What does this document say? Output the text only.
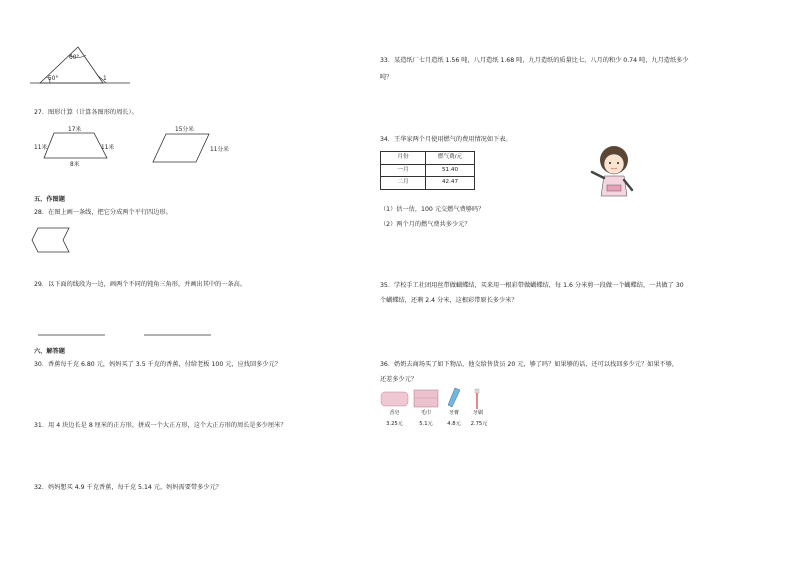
60°
50°	1
27．图形计算（计算各图形的周长）。
17米
11米	11米
8米
15分米
11分米
五、作图题
28．在图上画一条线，把它分成两个平行四边形。
29．以下面的线段为一边，画两个不同的钝角三角形，并画出其中的一条高。
六、解答题
30．香蕉每千克 6.80 元，妈妈买了 3.5 千克的香蕉，付给老板 100 元，应找回多少元？
31．用 4 块边长是 8 厘米的正方形，拼成一个大正方形，这个大正方形的周长是多少厘米？
32．妈妈想买 4.9 千克香蕉，每千克 5.14 元，妈妈需要带多少元？
33．某造纸厂七月造纸 1.56 吨，八月造纸 1.68 吨，九月造纸的质量比七、八月的和少 0.74 吨，九月造纸多少
吨？
34．王华家两个月使用燃气的费用情况如下表。
月份	燃气费/元
一月	51.40
二月	42.47
（1）估一估，100 元交燃气费够吗？
（2）两个月的燃气费共多少元？
35．学校手工社团用丝带做蝴蝶结，买来用一根彩带做蝴蝶结，每 1.6 分米剪一段做一个蝴蝶结，一共做了 30
个蝴蝶结，还剩 2.4 分米，这根彩带原长多少米？
36．奶奶去商场买了如下物品，他交给售货员 20 元，够了吗？如果够的话，还可以找回多少元？如果不够，
还差多少元？
香皂	毛巾	牙膏	牙刷
3.25元	5.1元	4.8元	2.75元
